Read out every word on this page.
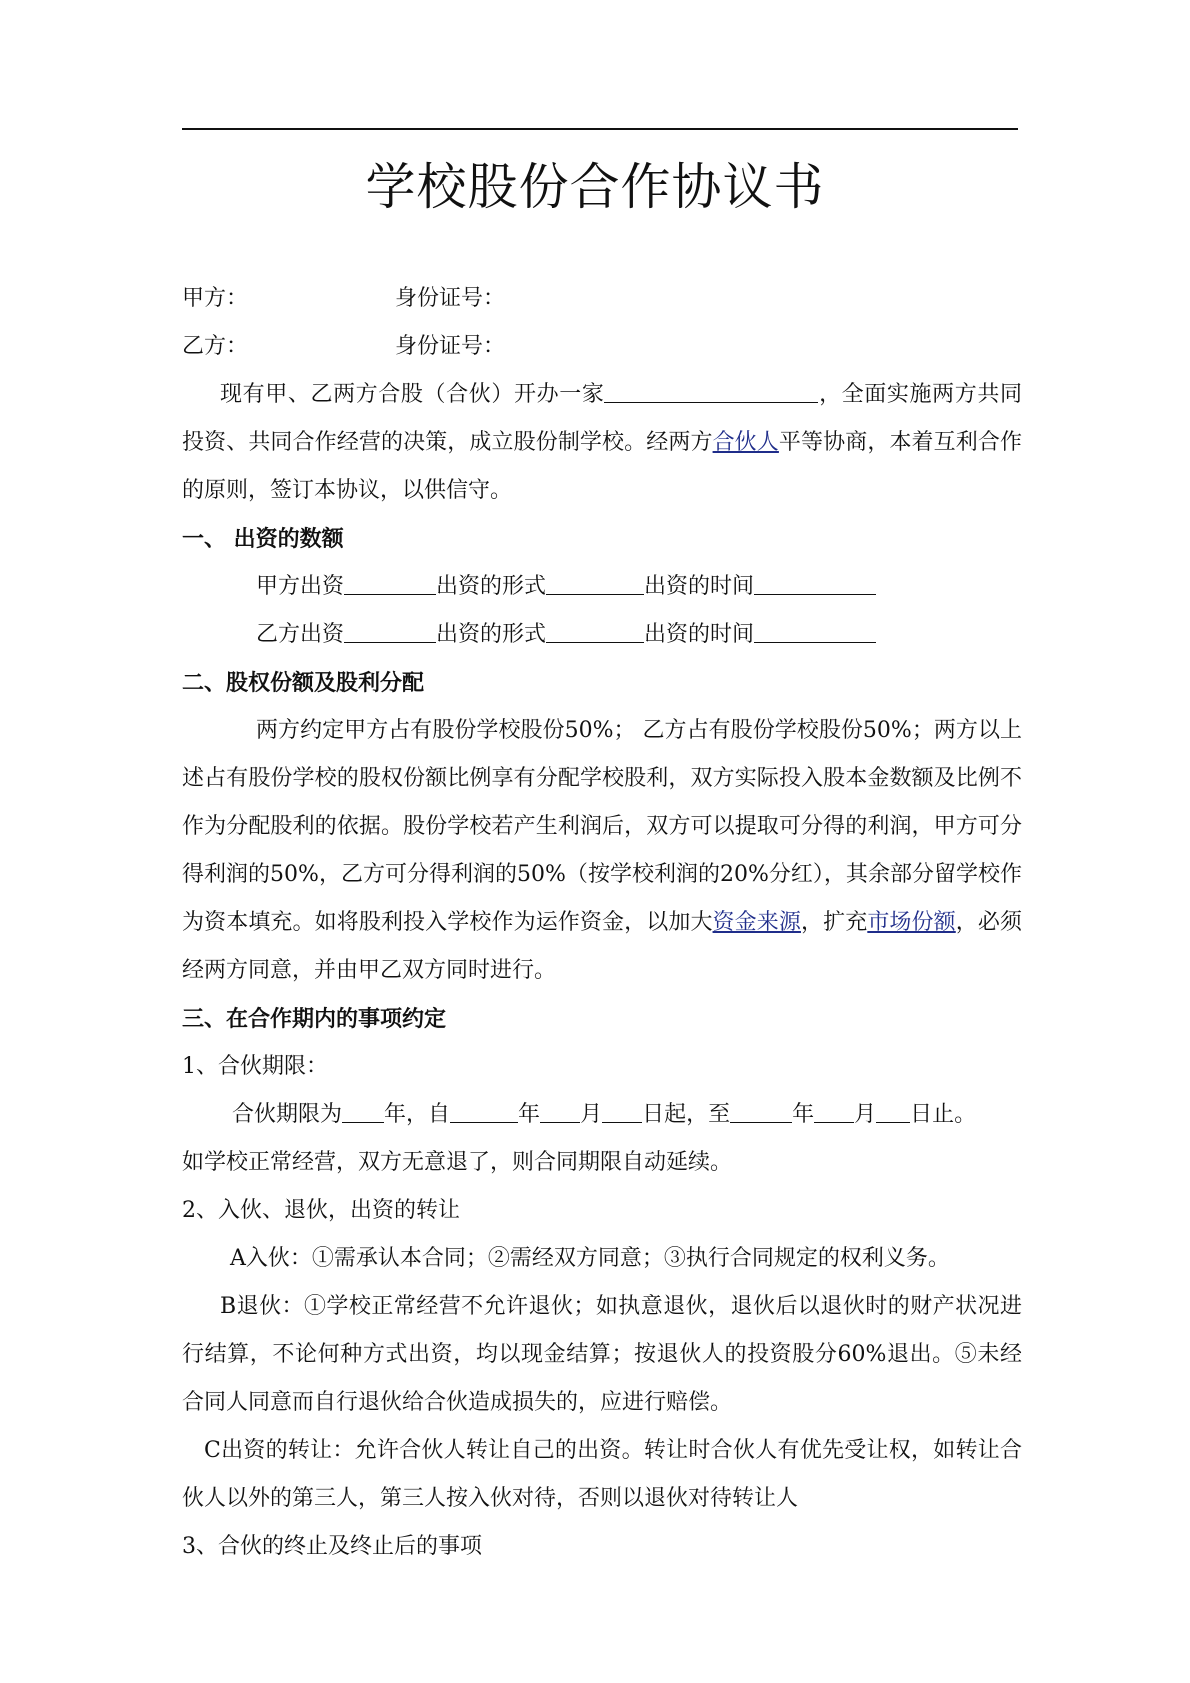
学校股份合作协议书
甲方：	身份证号：
乙方：	身份证号：
现有甲、乙两方合股（合伙）开办一家	，全面实施两方共同投资、共同合作经营的决策，成立股份制学校。经两方合伙人平等协商，本着互利合作的原则，签订本协议，以供信守。
一、 出资的数额
甲方出资	出资的形式	出资的时间
乙方出资	出资的形式	出资的时间
二、股权份额及股利分配
两方约定甲方占有股份学校股份50%； 乙方占有股份学校股份50%；两方以上述占有股份学校的股权份额比例享有分配学校股利，双方实际投入股本金数额及比例不作为分配股利的依据。股份学校若产生利润后，双方可以提取可分得的利润，甲方可分得利润的50%，乙方可分得利润的50%（按学校利润的20%分红），其余部分留学校作为资本填充。如将股利投入学校作为运作资金，以加大资金来源，扩充市场份额，必须经两方同意，并由甲乙双方同时进行。
三、在合作期内的事项约定
1、合伙期限：
合伙期限为 年，自	年 月 日起，至	年 月 日止。
如学校正常经营，双方无意退了，则合同期限自动延续。
2、入伙、退伙，出资的转让
A入伙：①需承认本合同；②需经双方同意；③执行合同规定的权利义务。
B退伙：①学校正常经营不允许退伙；如执意退伙，退伙后以退伙时的财产状况进行结算，不论何种方式出资，均以现金结算；按退伙人的投资股分60%退出。⑤未经合同人同意而自行退伙给合伙造成损失的，应进行赔偿。
C出资的转让：允许合伙人转让自己的出资。转让时合伙人有优先受让权，如转让合伙人以外的第三人，第三人按入伙对待，否则以退伙对待转让人
3、合伙的终止及终止后的事项
